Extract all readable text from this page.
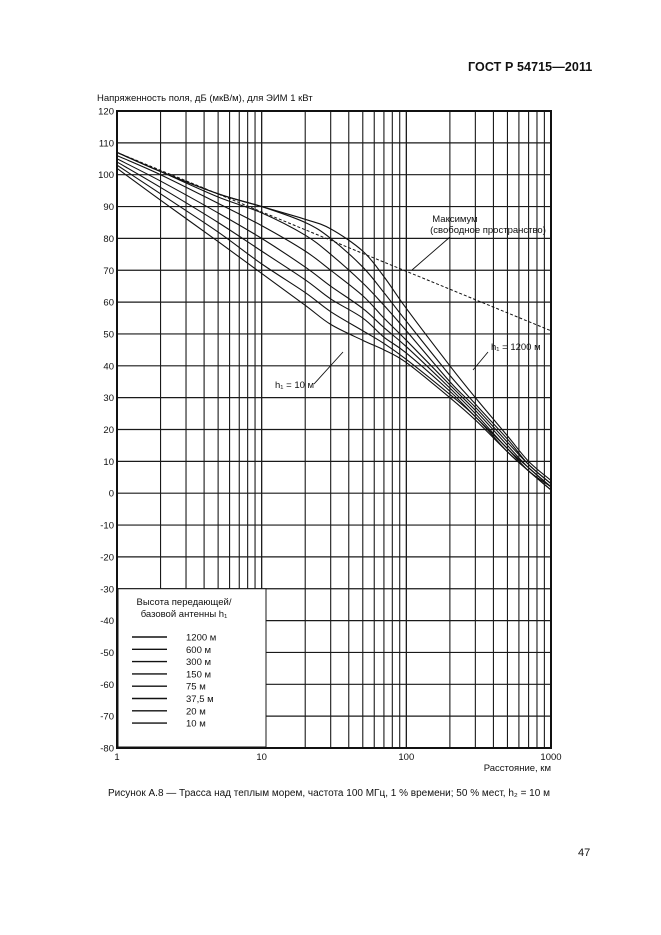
ГОСТ Р 54715—2011
Напряженность поля, дБ (мкВ/м), для ЭИМ 1 кВт
120
110
100
90
80
70
60
50
40
30
20
10
0
-10
-20
-30
-40
-50
-60
-70
-80
1	10	100	1000
Максимум
(свободное пространство)
h₁ = 1200 м
h₁ = 10 м
Высота передающей/
базовой антенны h₁
1200 м
600 м
300 м
150 м
75 м
37,5 м
20 м
10 м
Расстояние, км
Рисунок А.8 — Трасса над теплым морем, частота 100 МГц, 1 % времени; 50 % мест, h₂ = 10 м
47
